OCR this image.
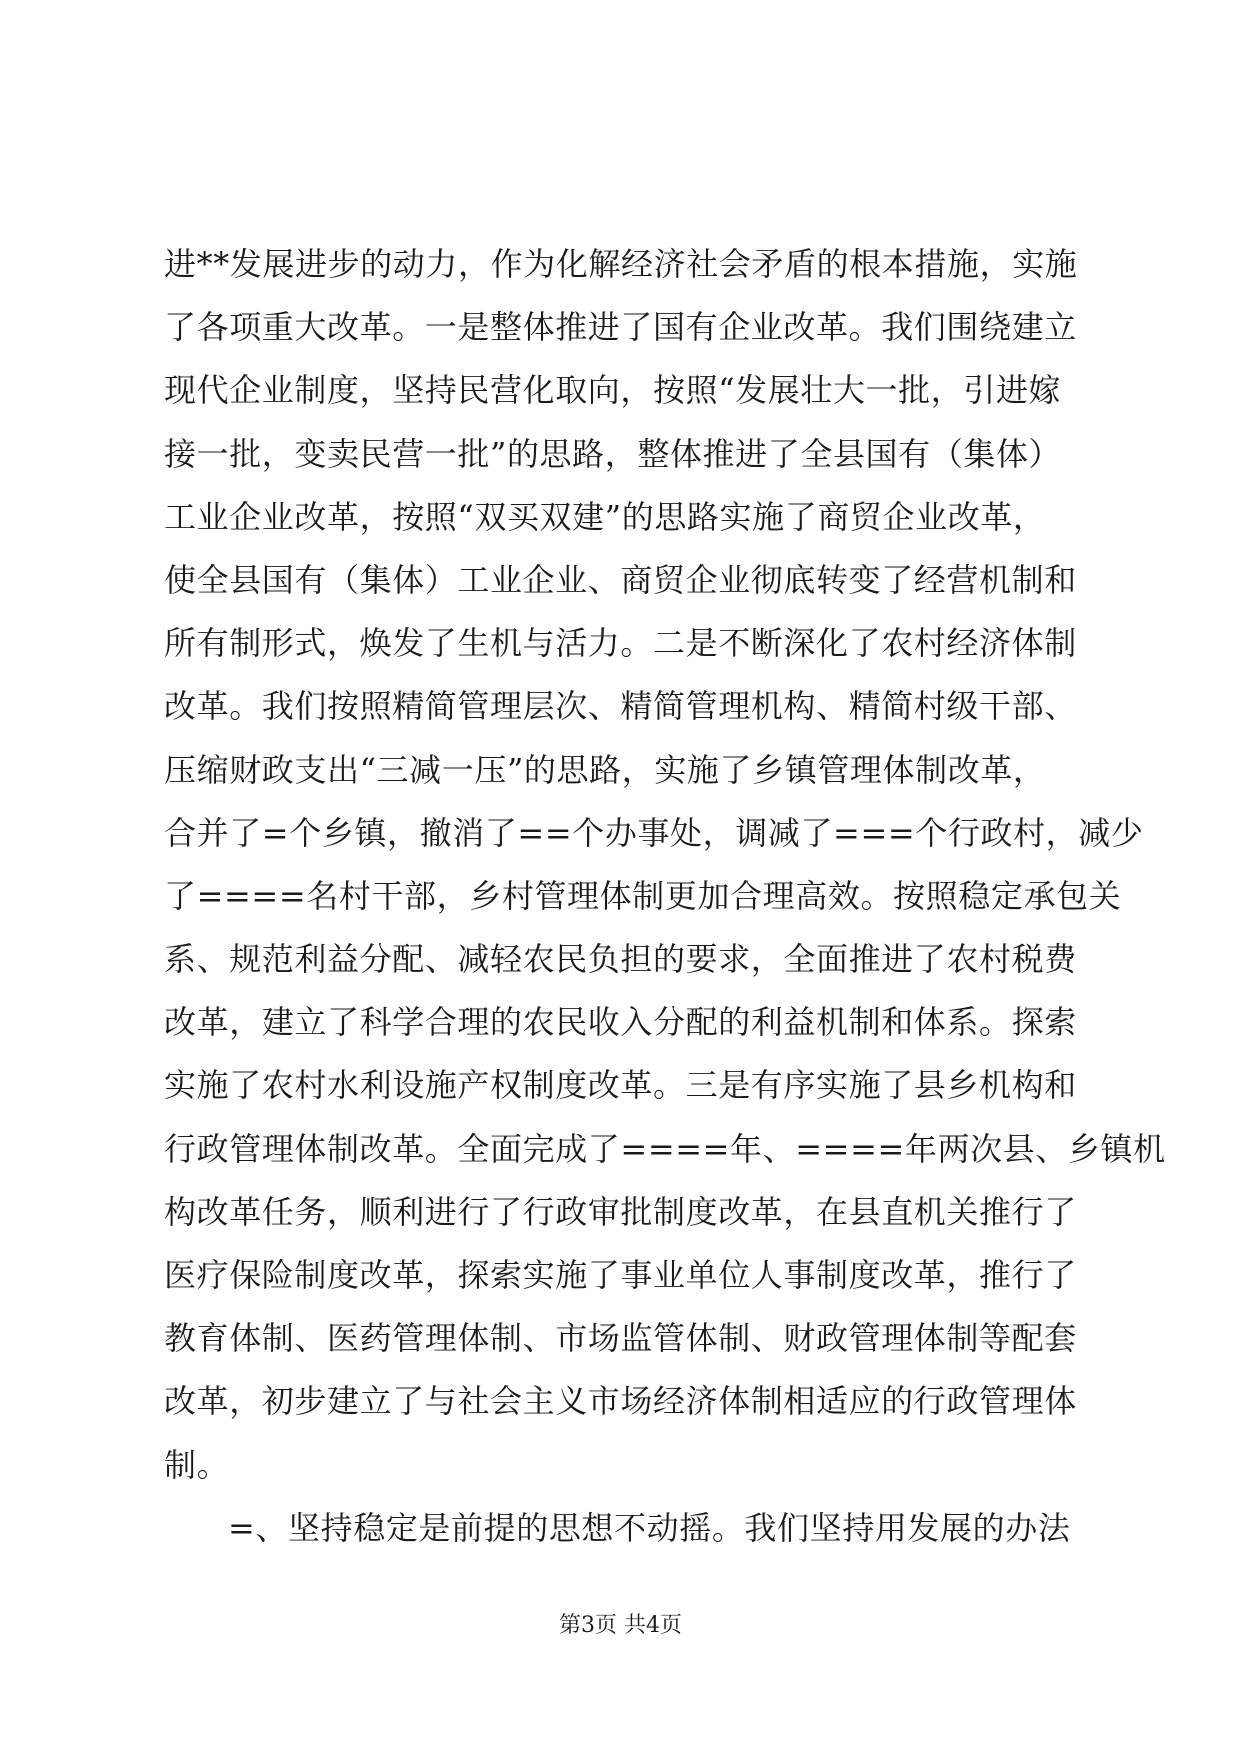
进**发展进步的动力，作为化解经济社会矛盾的根本措施，实施
了各项重大改革。一是整体推进了国有企业改革。我们围绕建立
现代企业制度，坚持民营化取向，按照“发展壮大一批，引进嫁
接一批，变卖民营一批”的思路，整体推进了全县国有（集体）
工业企业改革，按照“双买双建”的思路实施了商贸企业改革，
使全县国有（集体）工业企业、商贸企业彻底转变了经营机制和
所有制形式，焕发了生机与活力。二是不断深化了农村经济体制
改革。我们按照精简管理层次、精简管理机构、精简村级干部、
压缩财政支出“三减一压”的思路，实施了乡镇管理体制改革，
合并了=个乡镇，撤消了==个办事处，调减了===个行政村，减少
了====名村干部，乡村管理体制更加合理高效。按照稳定承包关
系、规范利益分配、减轻农民负担的要求，全面推进了农村税费
改革，建立了科学合理的农民收入分配的利益机制和体系。探索
实施了农村水利设施产权制度改革。三是有序实施了县乡机构和
行政管理体制改革。全面完成了====年、====年两次县、乡镇机
构改革任务，顺利进行了行政审批制度改革，在县直机关推行了
医疗保险制度改革，探索实施了事业单位人事制度改革，推行了
教育体制、医药管理体制、市场监管体制、财政管理体制等配套
改革，初步建立了与社会主义市场经济体制相适应的行政管理体
制。
=、坚持稳定是前提的思想不动摇。我们坚持用发展的办法
第3页 共4页
